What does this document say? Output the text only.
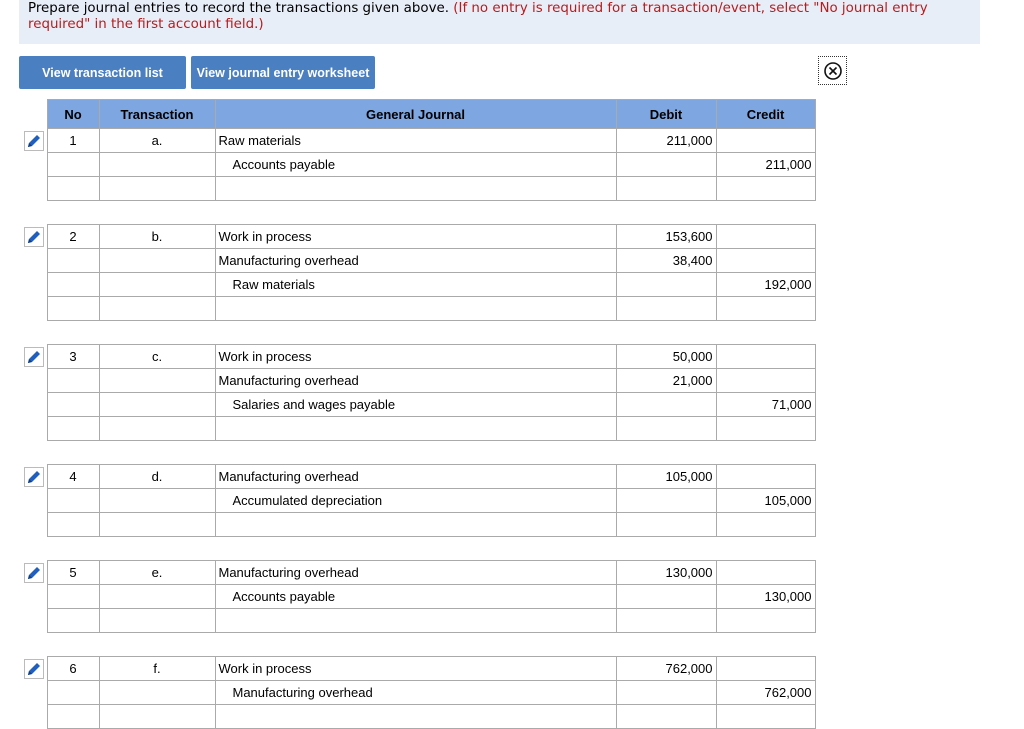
Prepare journal entries to record the transactions given above. (If no entry is required for a transaction/event, select "No journal entry required" in the first account field.)
View transaction list	View journal entry worksheet
	No	Transaction	General Journal	Debit	Credit
	1	a.	Raw materials	211,000	
			Accounts payable		211,000

	2	b.	Work in process	153,600	
			Manufacturing overhead	38,400	
			Raw materials		192,000

	3	c.	Work in process	50,000	
			Manufacturing overhead	21,000	
			Salaries and wages payable		71,000

	4	d.	Manufacturing overhead	105,000	
			Accumulated depreciation		105,000

	5	e.	Manufacturing overhead	130,000	
			Accounts payable		130,000

	6	f.	Work in process	762,000	
			Manufacturing overhead		762,000
